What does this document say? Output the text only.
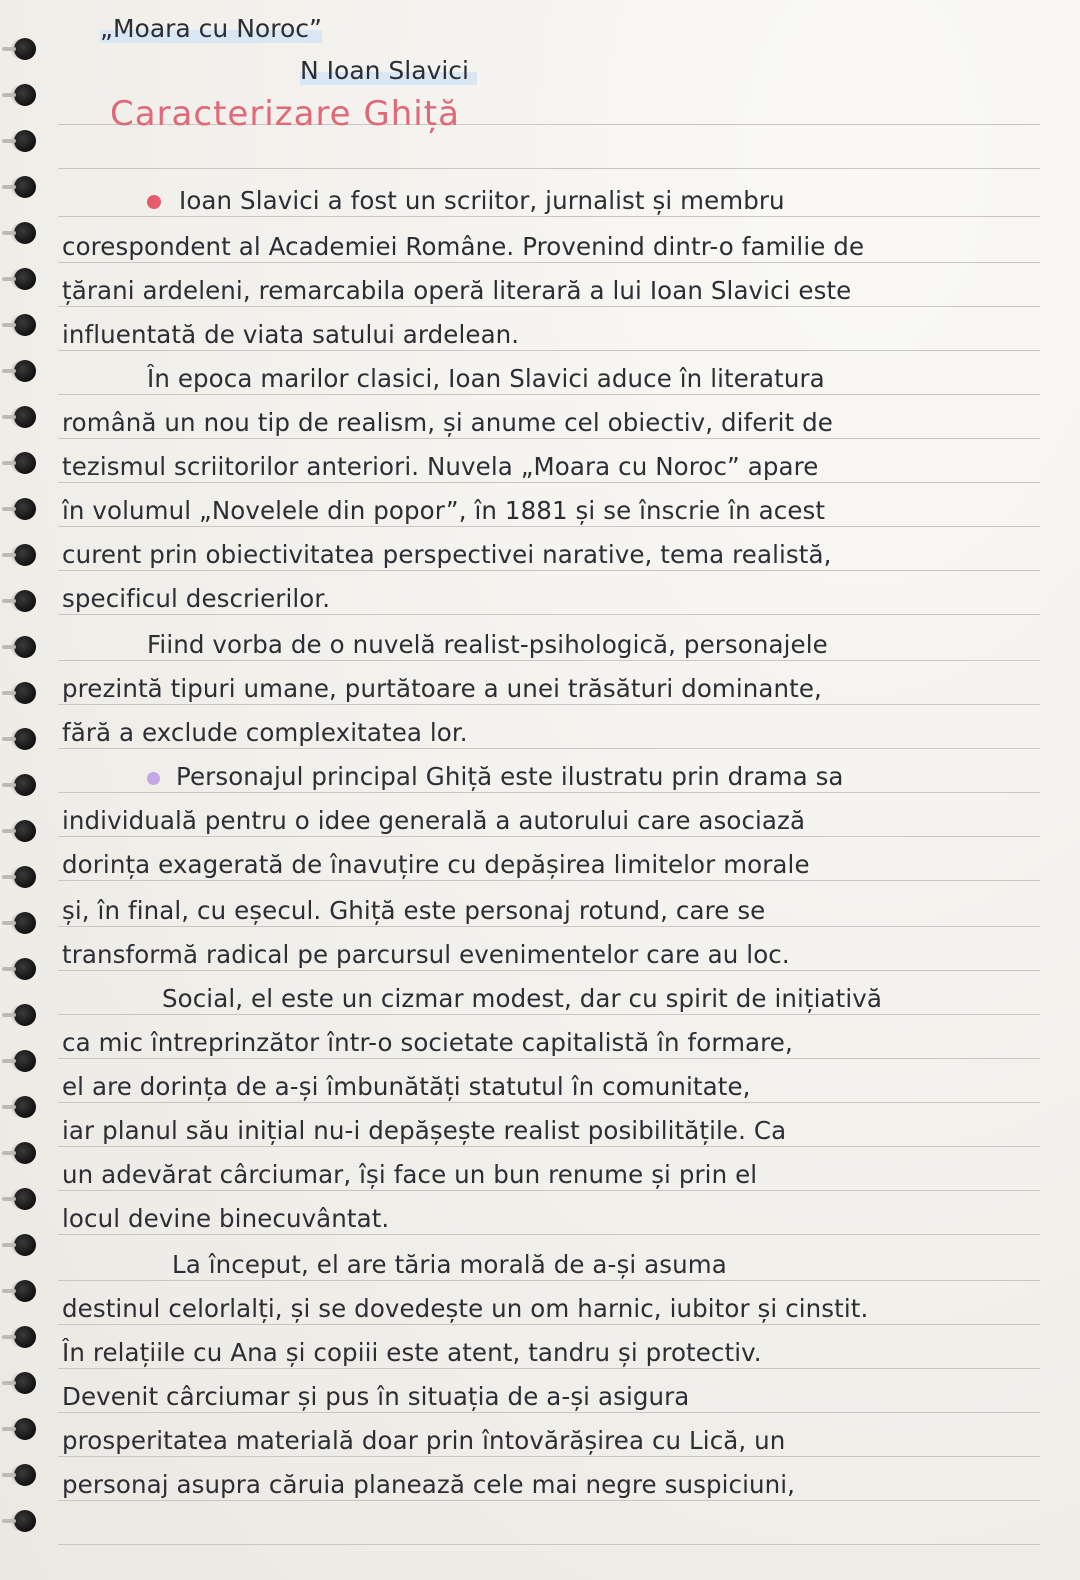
„Moara cu Noroc”
N Ioan Slavici
Caracterizare Ghiță
Ioan Slavici a fost un scriitor, jurnalist și membru
corespondent al Academiei Române. Provenind dintr-o familie de
țărani ardeleni, remarcabila operă literară a lui Ioan Slavici este
influentată de viata satului ardelean.
În epoca marilor clasici, Ioan Slavici aduce în literatura
română un nou tip de realism, și anume cel obiectiv, diferit de
tezismul scriitorilor anteriori. Nuvela „Moara cu Noroc” apare
în volumul „Novelele din popor”, în 1881 și se înscrie în acest
curent prin obiectivitatea perspectivei narative, tema realistă,
specificul descrierilor.
Fiind vorba de o nuvelă realist-psihologică, personajele
prezintă tipuri umane, purtătoare a unei trăsături dominante,
fără a exclude complexitatea lor.
Personajul principal Ghiță este ilustratu prin drama sa
individuală pentru o idee generală a autorului care asociază
dorința exagerată de înavuțire cu depășirea limitelor morale
și, în final, cu eșecul. Ghiță este personaj rotund, care se
transformă radical pe parcursul evenimentelor care au loc.
Social, el este un cizmar modest, dar cu spirit de inițiativă
ca mic întreprinzător într-o societate capitalistă în formare,
el are dorința de a-și îmbunătăți statutul în comunitate,
iar planul său inițial nu-i depășește realist posibilitățile. Ca
un adevărat cârciumar, își face un bun renume și prin el
locul devine binecuvântat.
La început, el are tăria morală de a-și asuma
destinul celorlalți, și se dovedește un om harnic, iubitor și cinstit.
În relațiile cu Ana și copiii este atent, tandru și protectiv.
Devenit cârciumar și pus în situația de a-și asigura
prosperitatea materială doar prin întovărășirea cu Lică, un
personaj asupra căruia planează cele mai negre suspiciuni,
